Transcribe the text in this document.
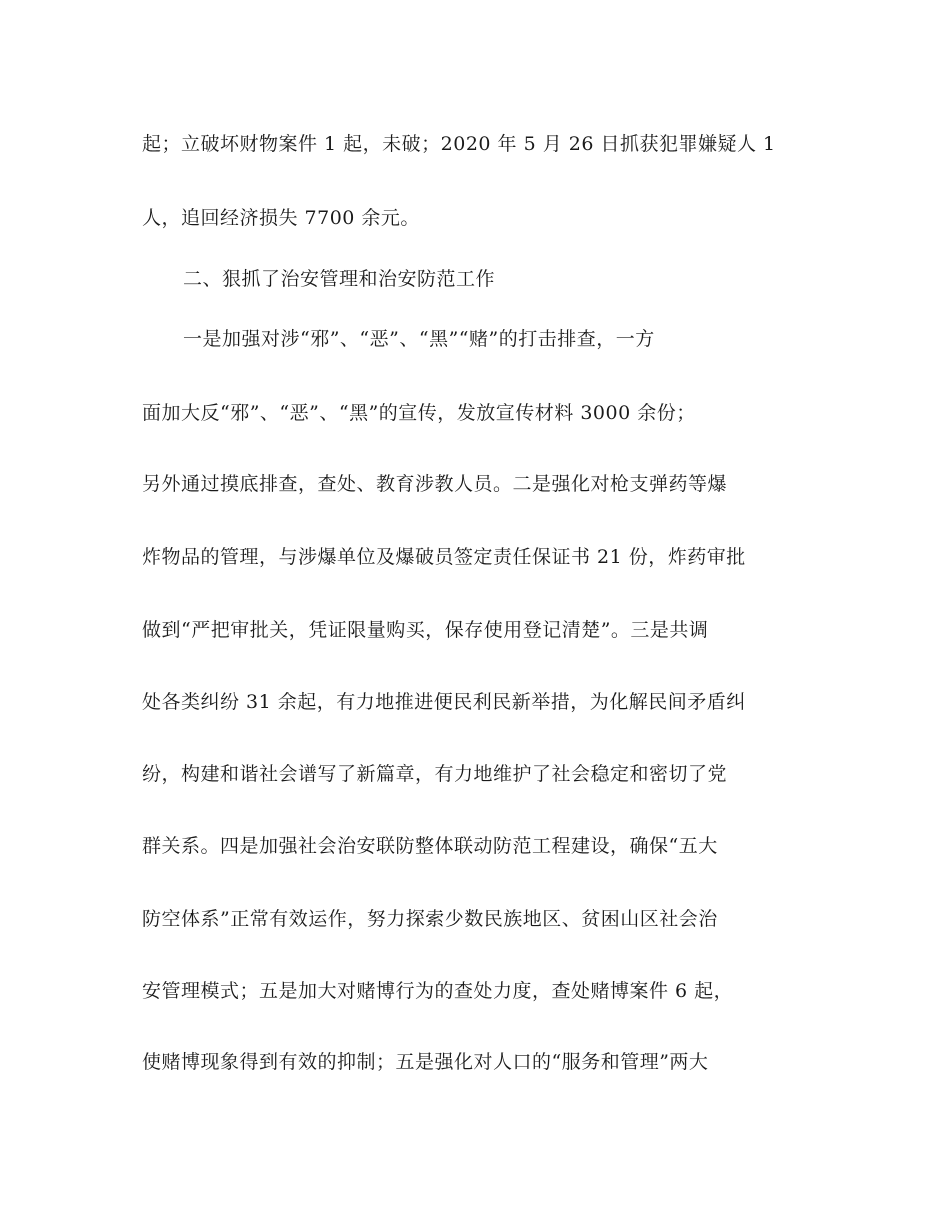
起；立破坏财物案件 1 起，未破；2020 年 5 月 26 日抓获犯罪嫌疑人 1
人，追回经济损失 7700 余元。
二、狠抓了治安管理和治安防范工作
一是加强对涉“邪”、“恶”、“黑”“赌”的打击排查，一方
面加大反“邪”、“恶”、“黑”的宣传，发放宣传材料 3000 余份；
另外通过摸底排查，查处、教育涉教人员。二是强化对枪支弹药等爆
炸物品的管理，与涉爆单位及爆破员签定责任保证书 21 份，炸药审批
做到“严把审批关，凭证限量购买，保存使用登记清楚”。三是共调
处各类纠纷 31 余起，有力地推进便民利民新举措，为化解民间矛盾纠
纷，构建和谐社会谱写了新篇章，有力地维护了社会稳定和密切了党
群关系。四是加强社会治安联防整体联动防范工程建设，确保“五大
防空体系”正常有效运作，努力探索少数民族地区、贫困山区社会治
安管理模式；五是加大对赌博行为的查处力度，查处赌博案件 6 起，
使赌博现象得到有效的抑制；五是强化对人口的“服务和管理”两大
